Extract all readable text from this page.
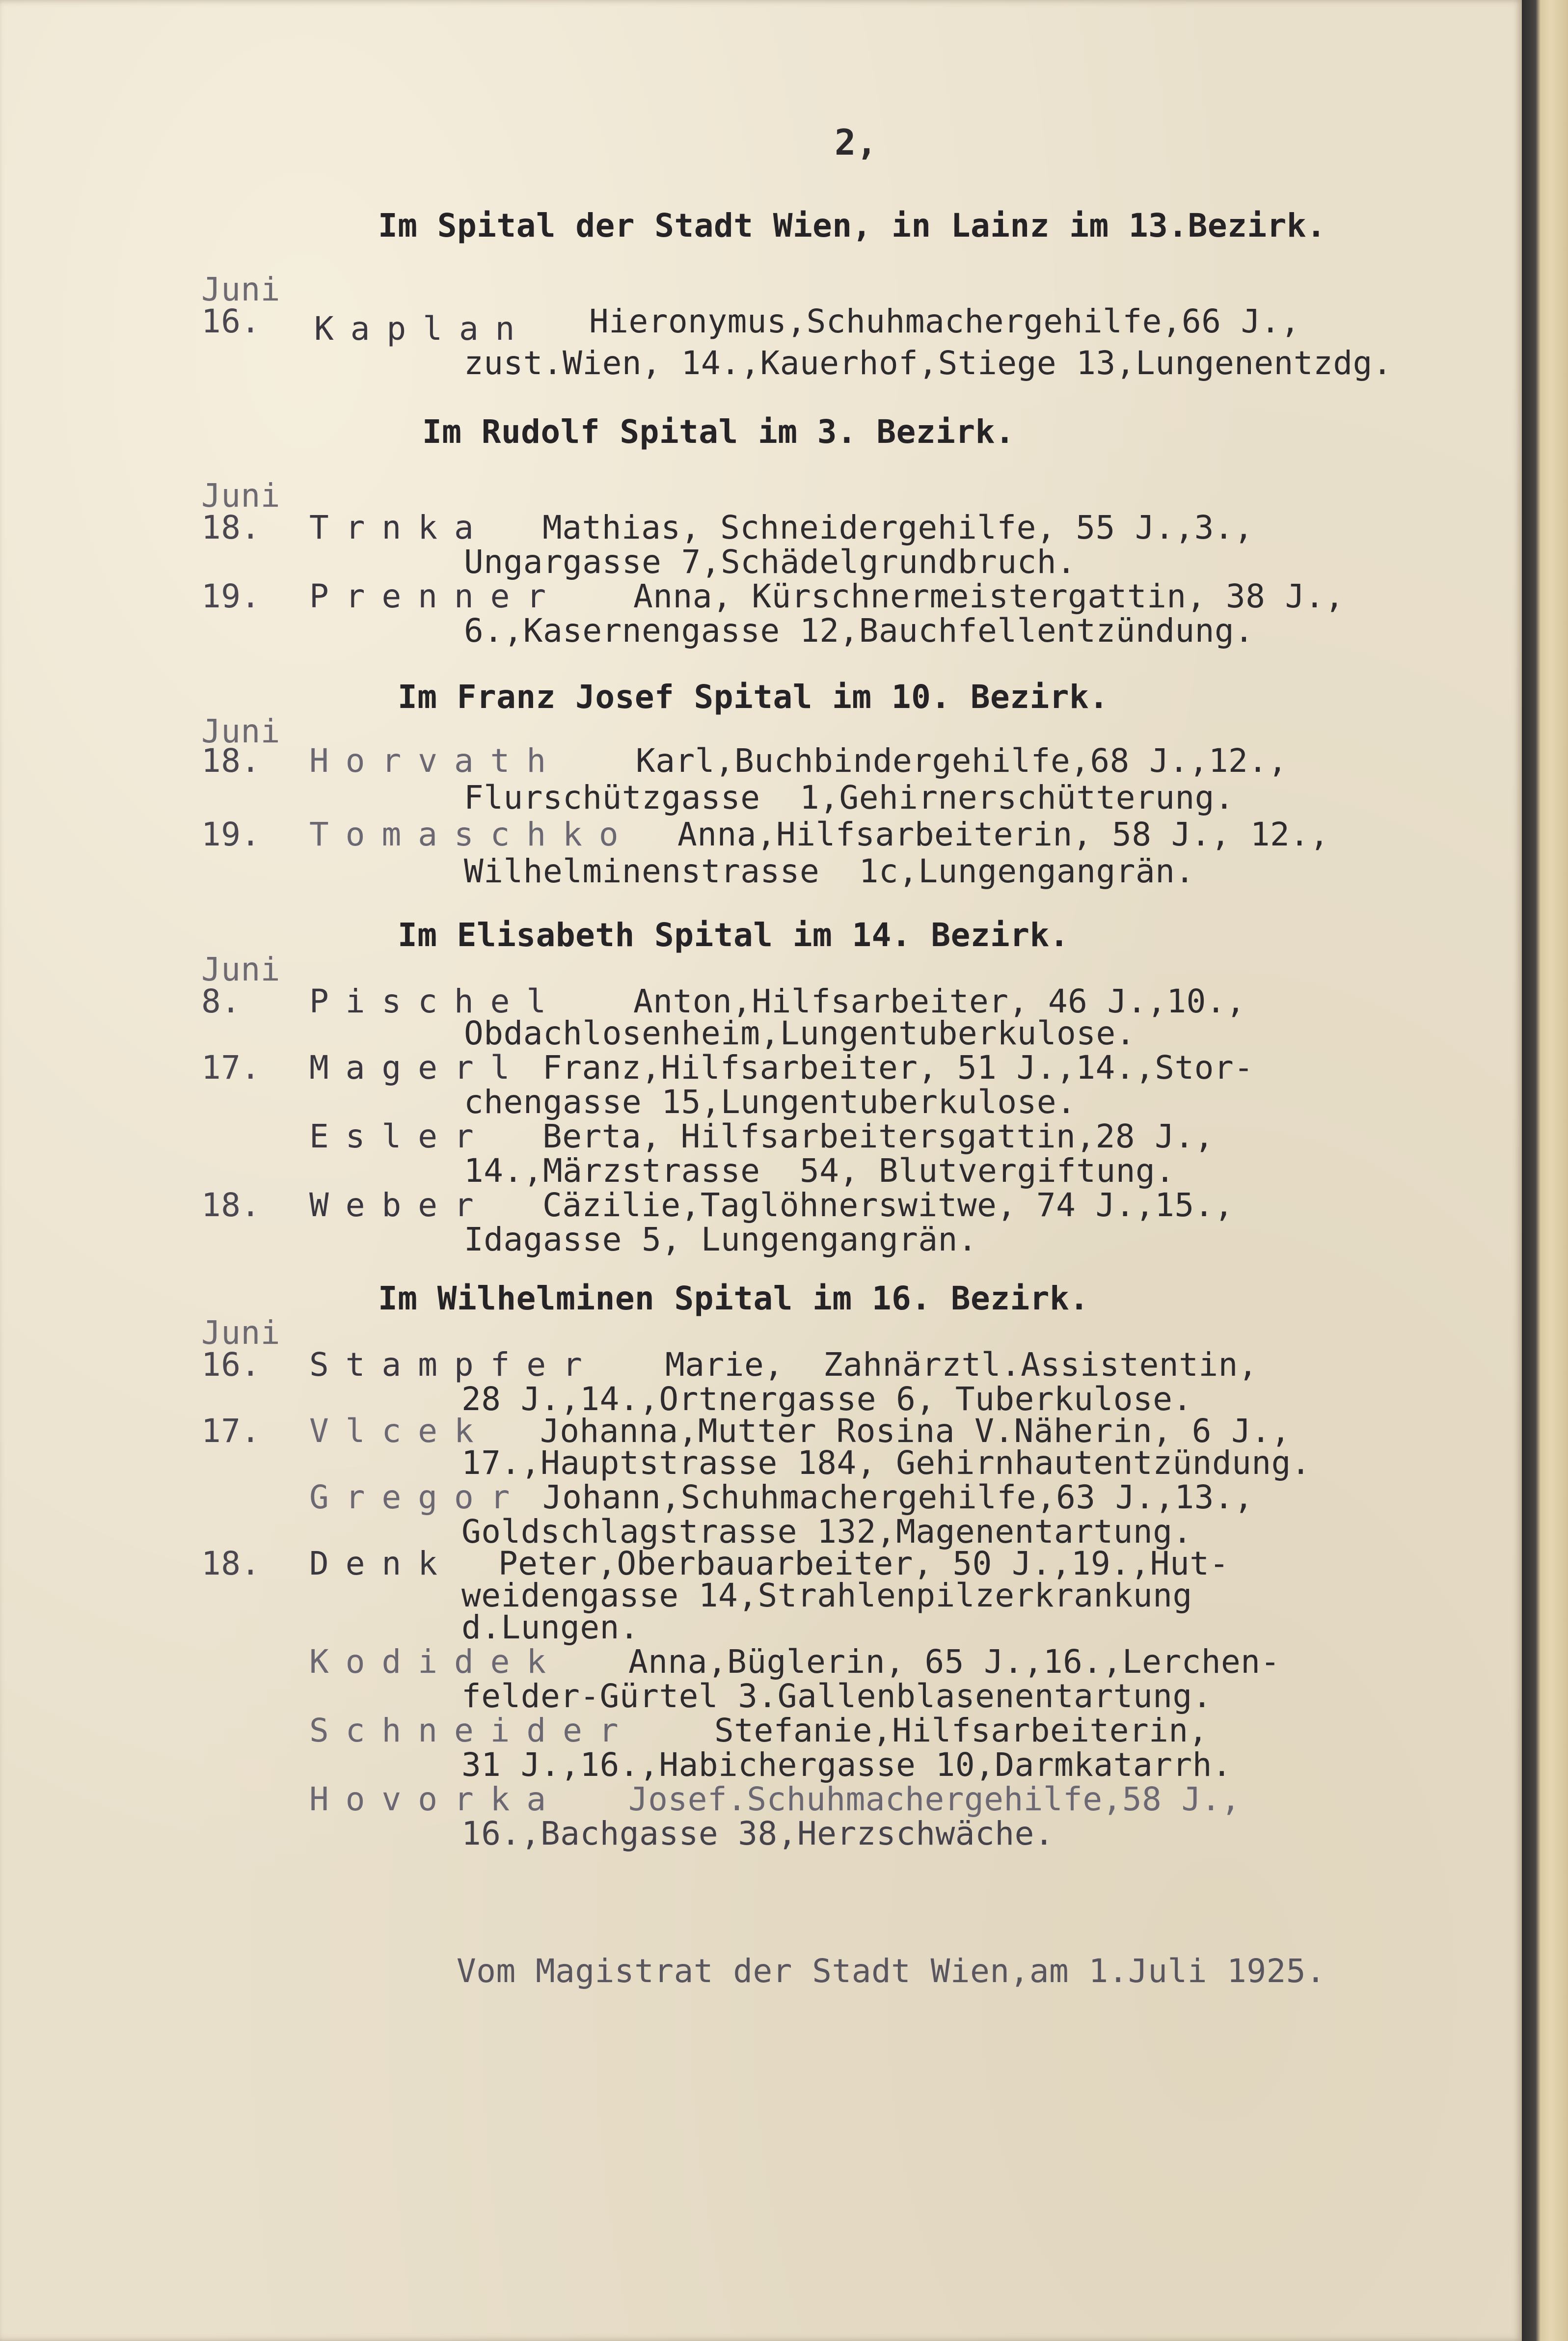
2,

Im Spital der Stadt Wien, in Lainz im 13.Bezirk.

Juni

16. Kaplan Hieronymus,Schuhmachergehilfe,66 J.,

zust.Wien, 14.,Kauerhof,Stiege 13,Lungenentzdg.

Im Rudolf Spital im 3. Bezirk.

Juni

18. Trnka Mathias, Schneidergehilfe, 55 J.,3.,

Ungargasse 7,Schädelgrundbruch.

19. Prenner Anna, Kürschnermeistergattin, 38 J.,

6.,Kasernengasse 12,Bauchfellentzündung.

Im Franz Josef Spital im 10. Bezirk.

Juni

18. Horvath Karl,Buchbindergehilfe,68 J.,12.,

Flurschützgasse  1,Gehirnerschütterung.

19. Tomaschko Anna,Hilfsarbeiterin, 58 J., 12.,

Wilhelminenstrasse  1c,Lungengangrän.

Im Elisabeth Spital im 14. Bezirk.

Juni

8. Pischel Anton,Hilfsarbeiter, 46 J.,10.,

Obdachlosenheim,Lungentuberkulose.

17. Magerl Franz,Hilfsarbeiter, 51 J.,14.,Stor-

chengasse 15,Lungentuberkulose.

Esler Berta, Hilfsarbeitersgattin,28 J.,

14.,Märzstrasse  54, Blutvergiftung.

18. Weber Cäzilie,Taglöhnerswitwe, 74 J.,15.,

Idagasse 5, Lungengangrän.

Im Wilhelminen Spital im 16. Bezirk.

Juni

16. Stampfer Marie,  Zahnärztl.Assistentin,

28 J.,14.,Ortnergasse 6, Tuberkulose.

17. Vlcek Johanna,Mutter Rosina V.Näherin, 6 J.,

17.,Hauptstrasse 184, Gehirnhautentzündung.

Gregor Johann,Schuhmachergehilfe,63 J.,13.,

Goldschlagstrasse 132,Magenentartung.

18. Denk Peter,Oberbauarbeiter, 50 J.,19.,Hut-

weidengasse 14,Strahlenpilzerkrankung

d.Lungen.

Kodidek Anna,Büglerin, 65 J.,16.,Lerchen-

felder-Gürtel 3.Gallenblasenentartung.

Schneider Stefanie,Hilfsarbeiterin,

31 J.,16.,Habichergasse 10,Darmkatarrh.

Hovorka Josef.Schuhmachergehilfe,58 J.,

16.,Bachgasse 38,Herzschwäche.

Vom Magistrat der Stadt Wien,am 1.Juli 1925.
